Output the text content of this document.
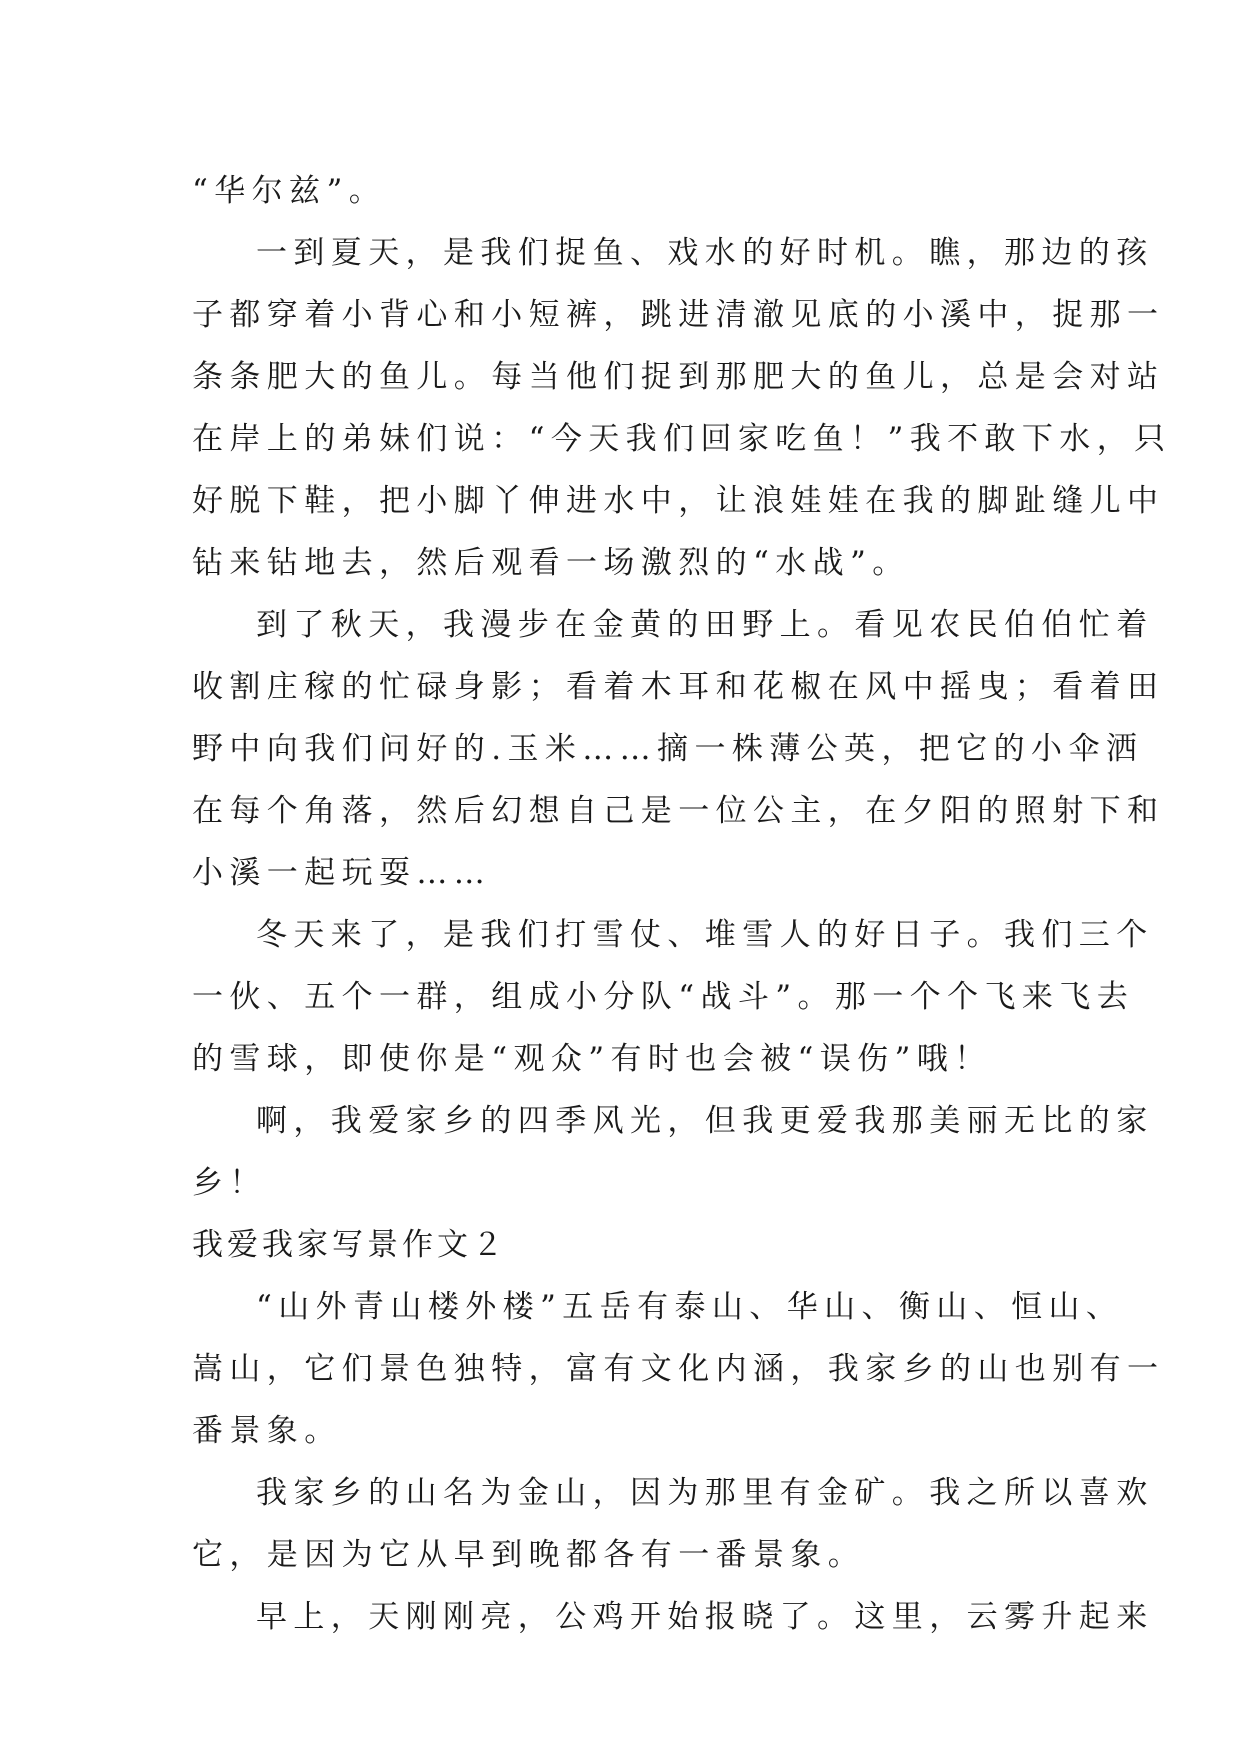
“华尔兹”。
一到夏天，是我们捉鱼、戏水的好时机。瞧，那边的孩
子都穿着小背心和小短裤，跳进清澈见底的小溪中，捉那一
条条肥大的鱼儿。每当他们捉到那肥大的鱼儿，总是会对站
在岸上的弟妹们说：“今天我们回家吃鱼！”我不敢下水，只
好脱下鞋，把小脚丫伸进水中，让浪娃娃在我的脚趾缝儿中
钻来钻地去，然后观看一场激烈的“水战”。
到了秋天，我漫步在金黄的田野上。看见农民伯伯忙着
收割庄稼的忙碌身影；看着木耳和花椒在风中摇曳；看着田
野中向我们问好的.玉米……摘一株薄公英，把它的小伞洒
在每个角落，然后幻想自己是一位公主，在夕阳的照射下和
小溪一起玩耍……
冬天来了，是我们打雪仗、堆雪人的好日子。我们三个
一伙、五个一群，组成小分队“战斗”。那一个个飞来飞去
的雪球，即使你是“观众”有时也会被“误伤”哦！
啊，我爱家乡的四季风光，但我更爱我那美丽无比的家
乡！
我爱我家写景作文２
“山外青山楼外楼”五岳有泰山、华山、衡山、恒山、
嵩山，它们景色独特，富有文化内涵，我家乡的山也别有一
番景象。
我家乡的山名为金山，因为那里有金矿。我之所以喜欢
它，是因为它从早到晚都各有一番景象。
早上，天刚刚亮，公鸡开始报晓了。这里，云雾升起来
